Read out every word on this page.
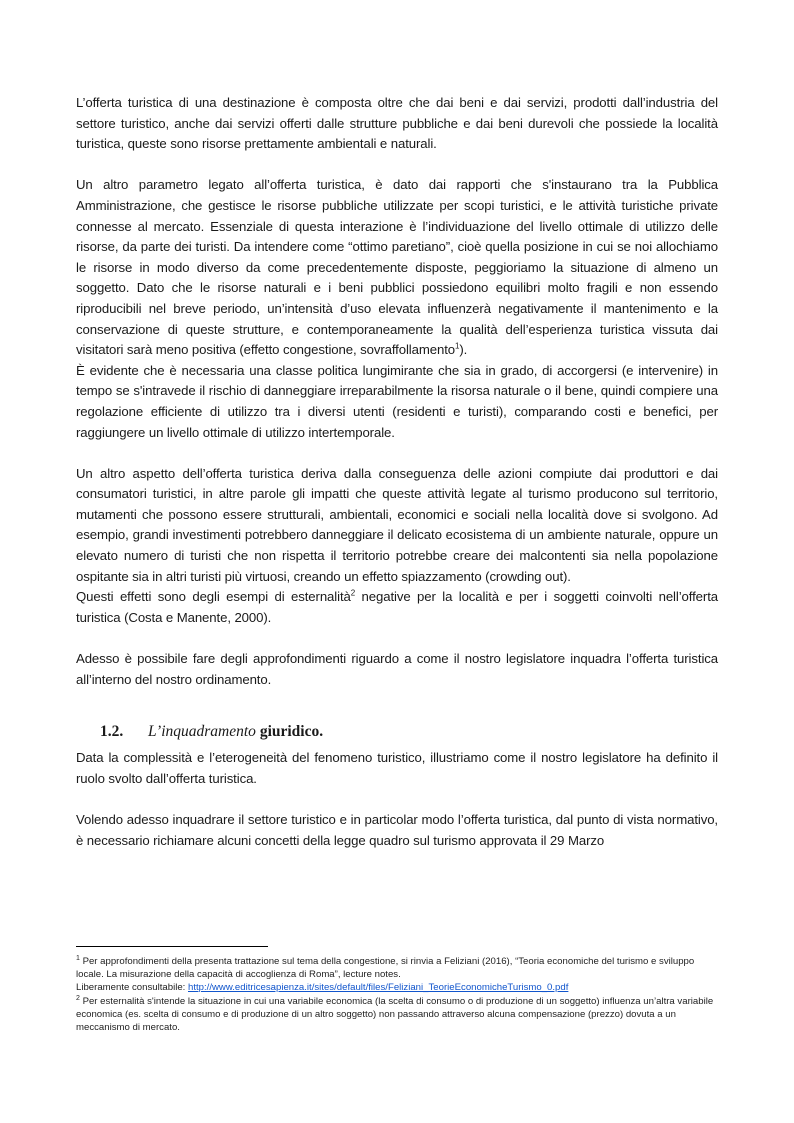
L’offerta turistica di una destinazione è composta oltre che dai beni e dai servizi, prodotti dall’industria del settore turistico, anche dai servizi offerti dalle strutture pubbliche e dai beni durevoli che possiede la località turistica, queste sono risorse prettamente ambientali e naturali.

Un altro parametro legato all’offerta turistica, è dato dai rapporti che s'instaurano tra la Pubblica Amministrazione, che gestisce le risorse pubbliche utilizzate per scopi turistici, e le attività turistiche private connesse al mercato. Essenziale di questa interazione è l’individuazione del livello ottimale di utilizzo delle risorse, da parte dei turisti. Da intendere come “ottimo paretiano”, cioè quella posizione in cui se noi allochiamo le risorse in modo diverso da come precedentemente disposte, peggioriamo la situazione di almeno un soggetto. Dato che le risorse naturali e i beni pubblici possiedono equilibri molto fragili e non essendo riproducibili nel breve periodo, un’intensità d’uso elevata influenzerà negativamente il mantenimento e la conservazione di queste strutture, e contemporaneamente la qualità dell’esperienza turistica vissuta dai visitatori sarà meno positiva (effetto congestione, sovraffollamento$^1$).

È evidente che è necessaria una classe politica lungimirante che sia in grado, di accorgersi (e intervenire) in tempo se s'intravede il rischio di danneggiare irreparabilmente la risorsa naturale o il bene, quindi compiere una regolazione efficiente di utilizzo tra i diversi utenti (residenti e turisti), comparando costi e benefici, per raggiungere un livello ottimale di utilizzo intertemporale.

Un altro aspetto dell’offerta turistica deriva dalla conseguenza delle azioni compiute dai produttori e dai consumatori turistici, in altre parole gli impatti che queste attività legate al turismo producono sul territorio, mutamenti che possono essere strutturali, ambientali, economici e sociali nella località dove si svolgono. Ad esempio, grandi investimenti potrebbero danneggiare il delicato ecosistema di un ambiente naturale, oppure un elevato numero di turisti che non rispetta il territorio potrebbe creare dei malcontenti sia nella popolazione ospitante sia in altri turisti più virtuosi, creando un effetto spiazzamento (crowding out).

Questi effetti sono degli esempi di esternalità$^2$ negative per la località e per i soggetti coinvolti nell’offerta turistica (Costa e Manente, 2000).

Adesso è possibile fare degli approfondimenti riguardo a come il nostro legislatore inquadra l’offerta turistica all’interno del nostro ordinamento.

1.2. L’inquadramento giuridico.

Data la complessità e l’eterogeneità del fenomeno turistico, illustriamo come il nostro legislatore ha definito il ruolo svolto dall’offerta turistica.

Volendo adesso inquadrare il settore turistico e in particolar modo l’offerta turistica, dal punto di vista normativo, è necessario richiamare alcuni concetti della legge quadro sul turismo approvata il 29 Marzo

$^1$ Per approfondimenti della presenta trattazione sul tema della congestione, si rinvia a Feliziani (2016), “Teoria economiche del turismo e sviluppo locale. La misurazione della capacità di accoglienza di Roma”, lecture notes.
Liberamente consultabile: http://www.editricesapienza.it/sites/default/files/Feliziani_TeorieEconomicheTurismo_0.pdf

$^2$ Per esternalità s'intende la situazione in cui una variabile economica (la scelta di consumo o di produzione di un soggetto) influenza un’altra variabile economica (es. scelta di consumo e di produzione di un altro soggetto) non passando attraverso alcuna compensazione (prezzo) dovuta a un meccanismo di mercato.
